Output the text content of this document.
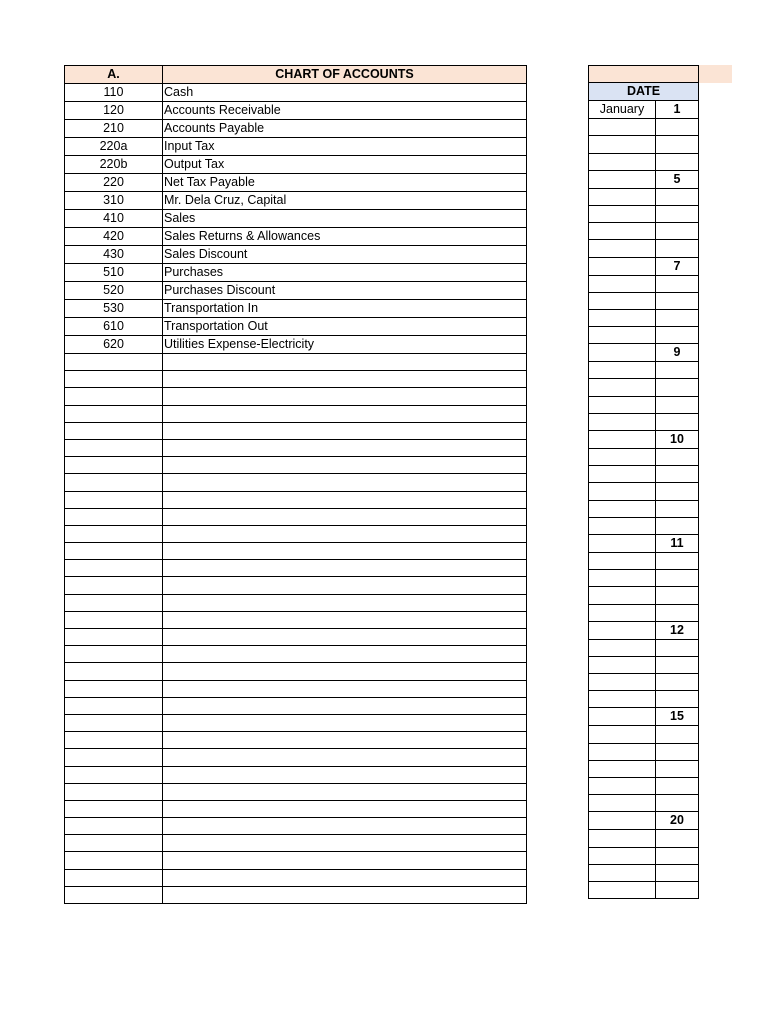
A.	CHART OF ACCOUNTS
110	Cash
120	Accounts Receivable
210	Accounts Payable
220a	Input Tax
220b	Output Tax
220	Net Tax Payable
310	Mr. Dela Cruz, Capital
410	Sales
420	Sales Returns & Allowances
430	Sales Discount
510	Purchases
520	Purchases Discount
530	Transportation In
610	Transportation Out
620	Utilities Expense-Electricity

DATE	
January	1

	5

	7

	9

	10

	11

	12

	15

	20
